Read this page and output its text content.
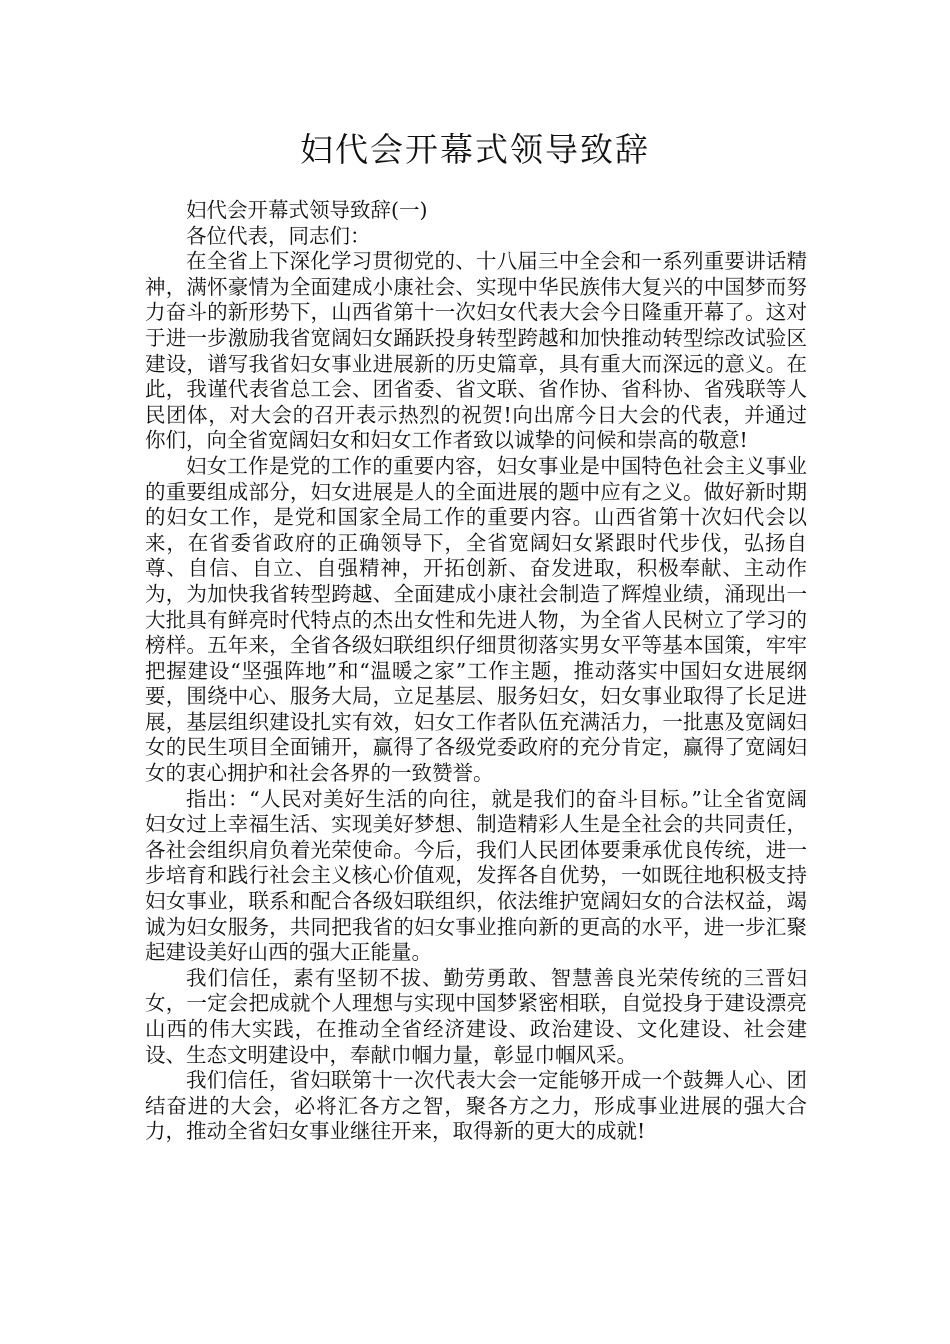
妇代会开幕式领导致辞

妇代会开幕式领导致辞(一)

各位代表，同志们：

在全省上下深化学习贯彻党的、十八届三中全会和一系列重要讲话精神，满怀豪情为全面建成小康社会、实现中华民族伟大复兴的中国梦而努力奋斗的新形势下，山西省第十一次妇女代表大会今日隆重开幕了。这对于进一步激励我省宽阔妇女踊跃投身转型跨越和加快推动转型综改试验区建设，谱写我省妇女事业进展新的历史篇章，具有重大而深远的意义。在此，我谨代表省总工会、团省委、省文联、省作协、省科协、省残联等人民团体，对大会的召开表示热烈的祝贺!向出席今日大会的代表，并通过你们，向全省宽阔妇女和妇女工作者致以诚挚的问候和崇高的敬意!

妇女工作是党的工作的重要内容，妇女事业是中国特色社会主义事业的重要组成部分，妇女进展是人的全面进展的题中应有之义。做好新时期的妇女工作，是党和国家全局工作的重要内容。山西省第十次妇代会以来，在省委省政府的正确领导下，全省宽阔妇女紧跟时代步伐，弘扬自尊、自信、自立、自强精神，开拓创新、奋发进取，积极奉献、主动作为，为加快我省转型跨越、全面建成小康社会制造了辉煌业绩，涌现出一大批具有鲜亮时代特点的杰出女性和先进人物，为全省人民树立了学习的榜样。五年来，全省各级妇联组织仔细贯彻落实男女平等基本国策，牢牢把握建设“坚强阵地”和“温暖之家”工作主题，推动落实中国妇女进展纲要，围绕中心、服务大局，立足基层、服务妇女，妇女事业取得了长足进展，基层组织建设扎实有效，妇女工作者队伍充满活力，一批惠及宽阔妇女的民生项目全面铺开，赢得了各级党委政府的充分肯定，赢得了宽阔妇女的衷心拥护和社会各界的一致赞誉。

指出：“人民对美好生活的向往，就是我们的奋斗目标。”让全省宽阔妇女过上幸福生活、实现美好梦想、制造精彩人生是全社会的共同责任，各社会组织肩负着光荣使命。今后，我们人民团体要秉承优良传统，进一步培育和践行社会主义核心价值观，发挥各自优势，一如既往地积极支持妇女事业，联系和配合各级妇联组织，依法维护宽阔妇女的合法权益，竭诚为妇女服务，共同把我省的妇女事业推向新的更高的水平，进一步汇聚起建设美好山西的强大正能量。

我们信任，素有坚韧不拔、勤劳勇敢、智慧善良光荣传统的三晋妇女，一定会把成就个人理想与实现中国梦紧密相联，自觉投身于建设漂亮山西的伟大实践，在推动全省经济建设、政治建设、文化建设、社会建设、生态文明建设中，奉献巾帼力量，彰显巾帼风采。

我们信任，省妇联第十一次代表大会一定能够开成一个鼓舞人心、团结奋进的大会，必将汇各方之智，聚各方之力，形成事业进展的强大合力，推动全省妇女事业继往开来，取得新的更大的成就!
